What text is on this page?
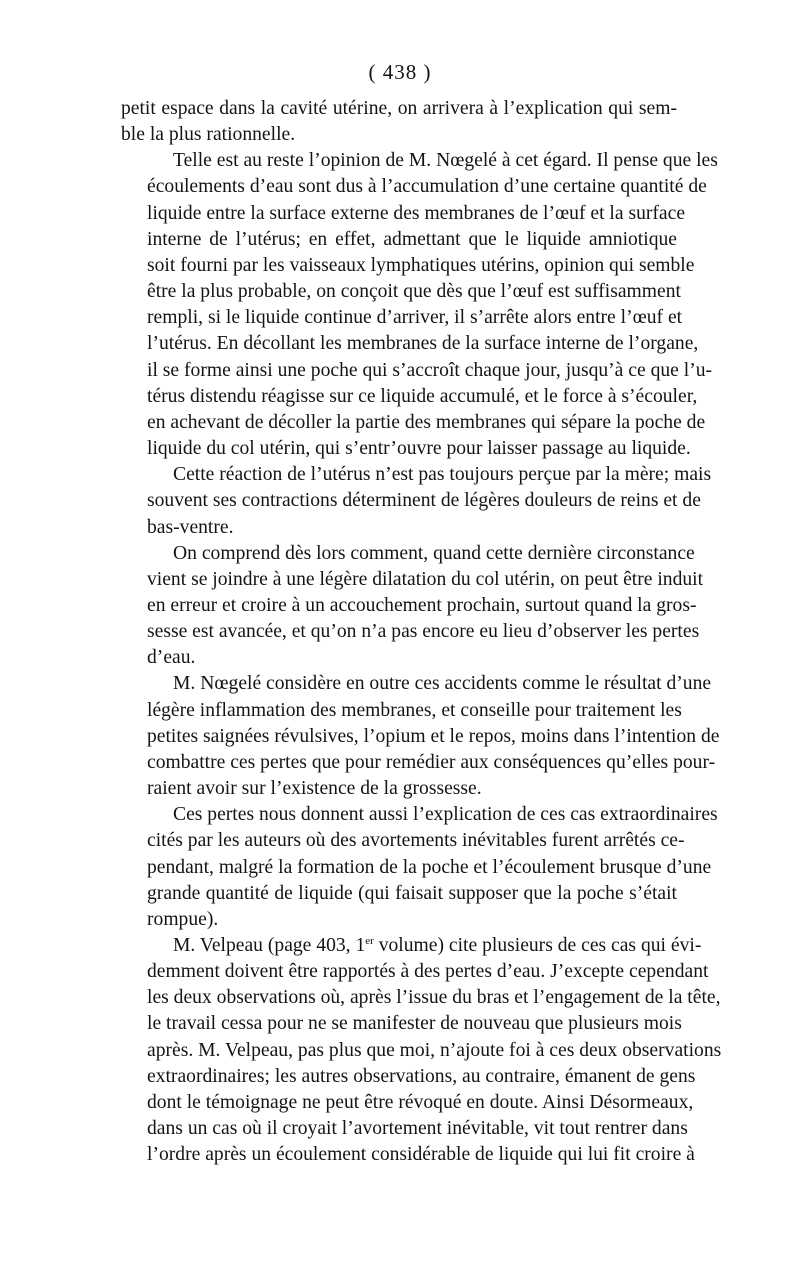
( 438 )
petit espace dans la cavité utérine, on arrivera à l’explication qui sem-
ble la plus rationnelle.
Telle est au reste l’opinion de M. Nœgelé à cet égard. Il pense que les
écoulements d’eau sont dus à l’accumulation d’une certaine quantité de
liquide entre la surface externe des membranes de l’œuf et la surface
interne de l’utérus; en effet, admettant que le liquide amniotique
soit fourni par les vaisseaux lymphatiques utérins, opinion qui semble
être la plus probable, on conçoit que dès que l’œuf est suffisamment
rempli, si le liquide continue d’arriver, il s’arrête alors entre l’œuf et
l’utérus. En décollant les membranes de la surface interne de l’organe,
il se forme ainsi une poche qui s’accroît chaque jour, jusqu’à ce que l’u-
térus distendu réagisse sur ce liquide accumulé, et le force à s’écouler,
en achevant de décoller la partie des membranes qui sépare la poche de
liquide du col utérin, qui s’entr’ouvre pour laisser passage au liquide.
Cette réaction de l’utérus n’est pas toujours perçue par la mère; mais
souvent ses contractions déterminent de légères douleurs de reins et de
bas-ventre.
On comprend dès lors comment, quand cette dernière circonstance
vient se joindre à une légère dilatation du col utérin, on peut être induit
en erreur et croire à un accouchement prochain, surtout quand la gros-
sesse est avancée, et qu’on n’a pas encore eu lieu d’observer les pertes
d’eau.
M. Nœgelé considère en outre ces accidents comme le résultat d’une
légère inflammation des membranes, et conseille pour traitement les
petites saignées révulsives, l’opium et le repos, moins dans l’intention de
combattre ces pertes que pour remédier aux conséquences qu’elles pour-
raient avoir sur l’existence de la grossesse.
Ces pertes nous donnent aussi l’explication de ces cas extraordinaires
cités par les auteurs où des avortements inévitables furent arrêtés ce-
pendant, malgré la formation de la poche et l’écoulement brusque d’une
grande quantité de liquide (qui faisait supposer que la poche s’était
rompue).
M. Velpeau (page 403, 1er volume) cite plusieurs de ces cas qui évi-
demment doivent être rapportés à des pertes d’eau. J’excepte cependant
les deux observations où, après l’issue du bras et l’engagement de la tête,
le travail cessa pour ne se manifester de nouveau que plusieurs mois
après. M. Velpeau, pas plus que moi, n’ajoute foi à ces deux observations
extraordinaires; les autres observations, au contraire, émanent de gens
dont le témoignage ne peut être révoqué en doute. Ainsi Désormeaux,
dans un cas où il croyait l’avortement inévitable, vit tout rentrer dans
l’ordre après un écoulement considérable de liquide qui lui fit croire à
